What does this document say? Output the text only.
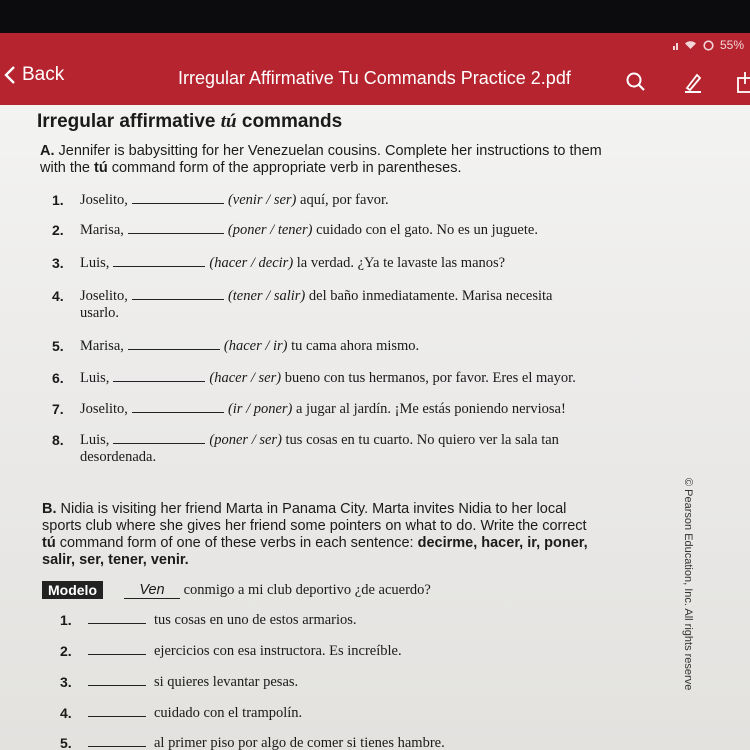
55%
Back	Irregular Affirmative Tu Commands Practice 2.pdf
Irregular affirmative tú commands
A. Jennifer is babysitting for her Venezuelan cousins. Complete her instructions to them
with the tú command form of the appropriate verb in parentheses.
1. Joselito,	(venir / ser) aquí, por favor.
2. Marisa,	(poner / tener) cuidado con el gato. No es un juguete.
3. Luis,	(hacer / decir) la verdad. ¿Ya te lavaste las manos?
4. Joselito,	(tener / salir) del baño inmediatamente. Marisa necesita
usarlo.
5. Marisa,	(hacer / ir) tu cama ahora mismo.
6. Luis,	(hacer / ser) bueno con tus hermanos, por favor. Eres el mayor.
7. Joselito,	(ir / poner) a jugar al jardín. ¡Me estás poniendo nerviosa!
8. Luis,	(poner / ser) tus cosas en tu cuarto. No quiero ver la sala tan
desordenada.
B. Nidia is visiting her friend Marta in Panama City. Marta invites Nidia to her local
sports club where she gives her friend some pointers on what to do. Write the correct
tú command form of one of these verbs in each sentence: decirme, hacer, ir, poner,
salir, ser, tener, venir.
Modelo	Ven conmigo a mi club deportivo ¿de acuerdo?
1.	tus cosas en uno de estos armarios.
2.	ejercicios con esa instructora. Es increíble.
3.	si quieres levantar pesas.
4.	cuidado con el trampolín.
5.	al primer piso por algo de comer si tienes hambre.
© Pearson Education, Inc. All rights reserve
